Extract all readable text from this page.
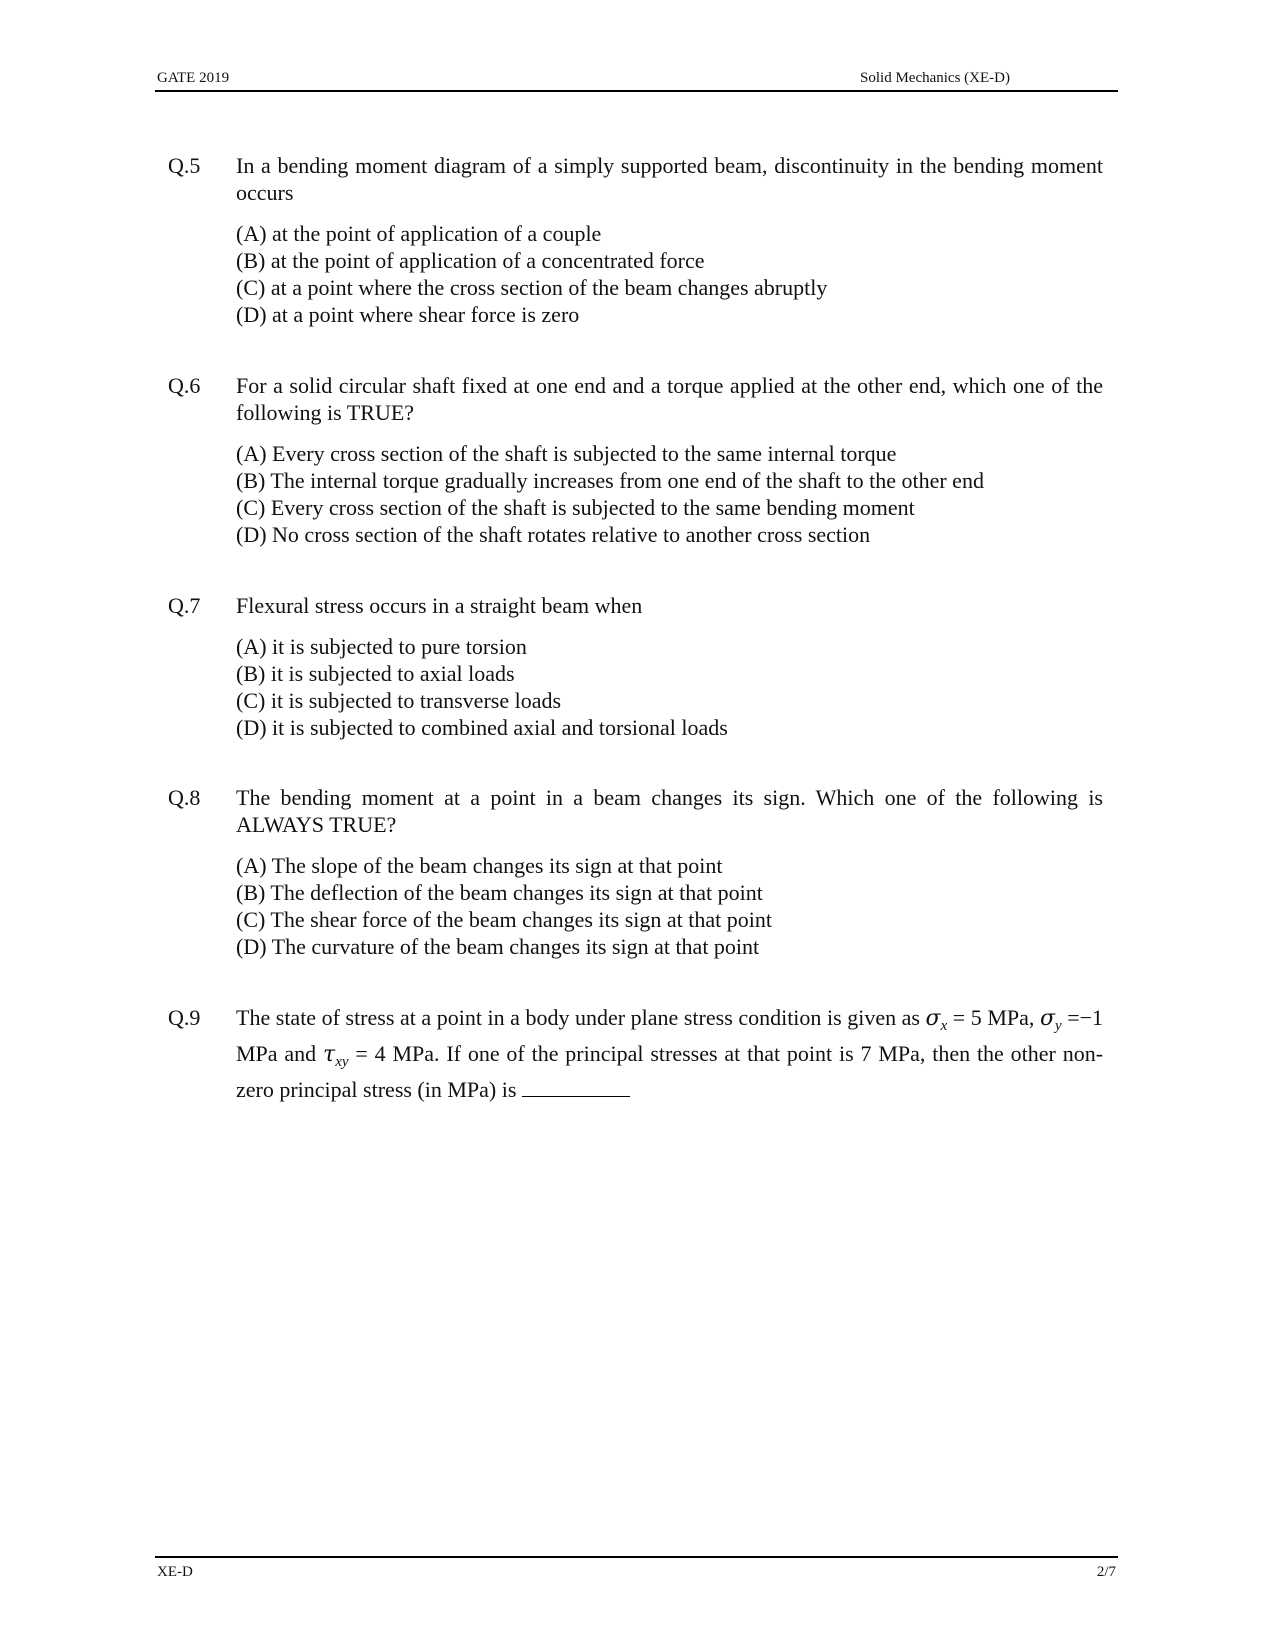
GATE 2019	Solid Mechanics (XE-D)
Q.5 In a bending moment diagram of a simply supported beam, discontinuity in the bending moment occurs
(A) at the point of application of a couple
(B) at the point of application of a concentrated force
(C) at a point where the cross section of the beam changes abruptly
(D) at a point where shear force is zero
Q.6 For a solid circular shaft fixed at one end and a torque applied at the other end, which one of the following is TRUE?
(A) Every cross section of the shaft is subjected to the same internal torque
(B) The internal torque gradually increases from one end of the shaft to the other end
(C) Every cross section of the shaft is subjected to the same bending moment
(D) No cross section of the shaft rotates relative to another cross section
Q.7 Flexural stress occurs in a straight beam when
(A) it is subjected to pure torsion
(B) it is subjected to axial loads
(C) it is subjected to transverse loads
(D) it is subjected to combined axial and torsional loads
Q.8 The bending moment at a point in a beam changes its sign. Which one of the following is ALWAYS TRUE?
(A) The slope of the beam changes its sign at that point
(B) The deflection of the beam changes its sign at that point
(C) The shear force of the beam changes its sign at that point
(D) The curvature of the beam changes its sign at that point
Q.9 The state of stress at a point in a body under plane stress condition is given as $\sigma_x = 5$ MPa, $\sigma_y =-1$ MPa and $\tau_{xy} = 4$ MPa. If one of the principal stresses at that point is 7 MPa, then the other non-zero principal stress (in MPa) is
XE-D	2/7
